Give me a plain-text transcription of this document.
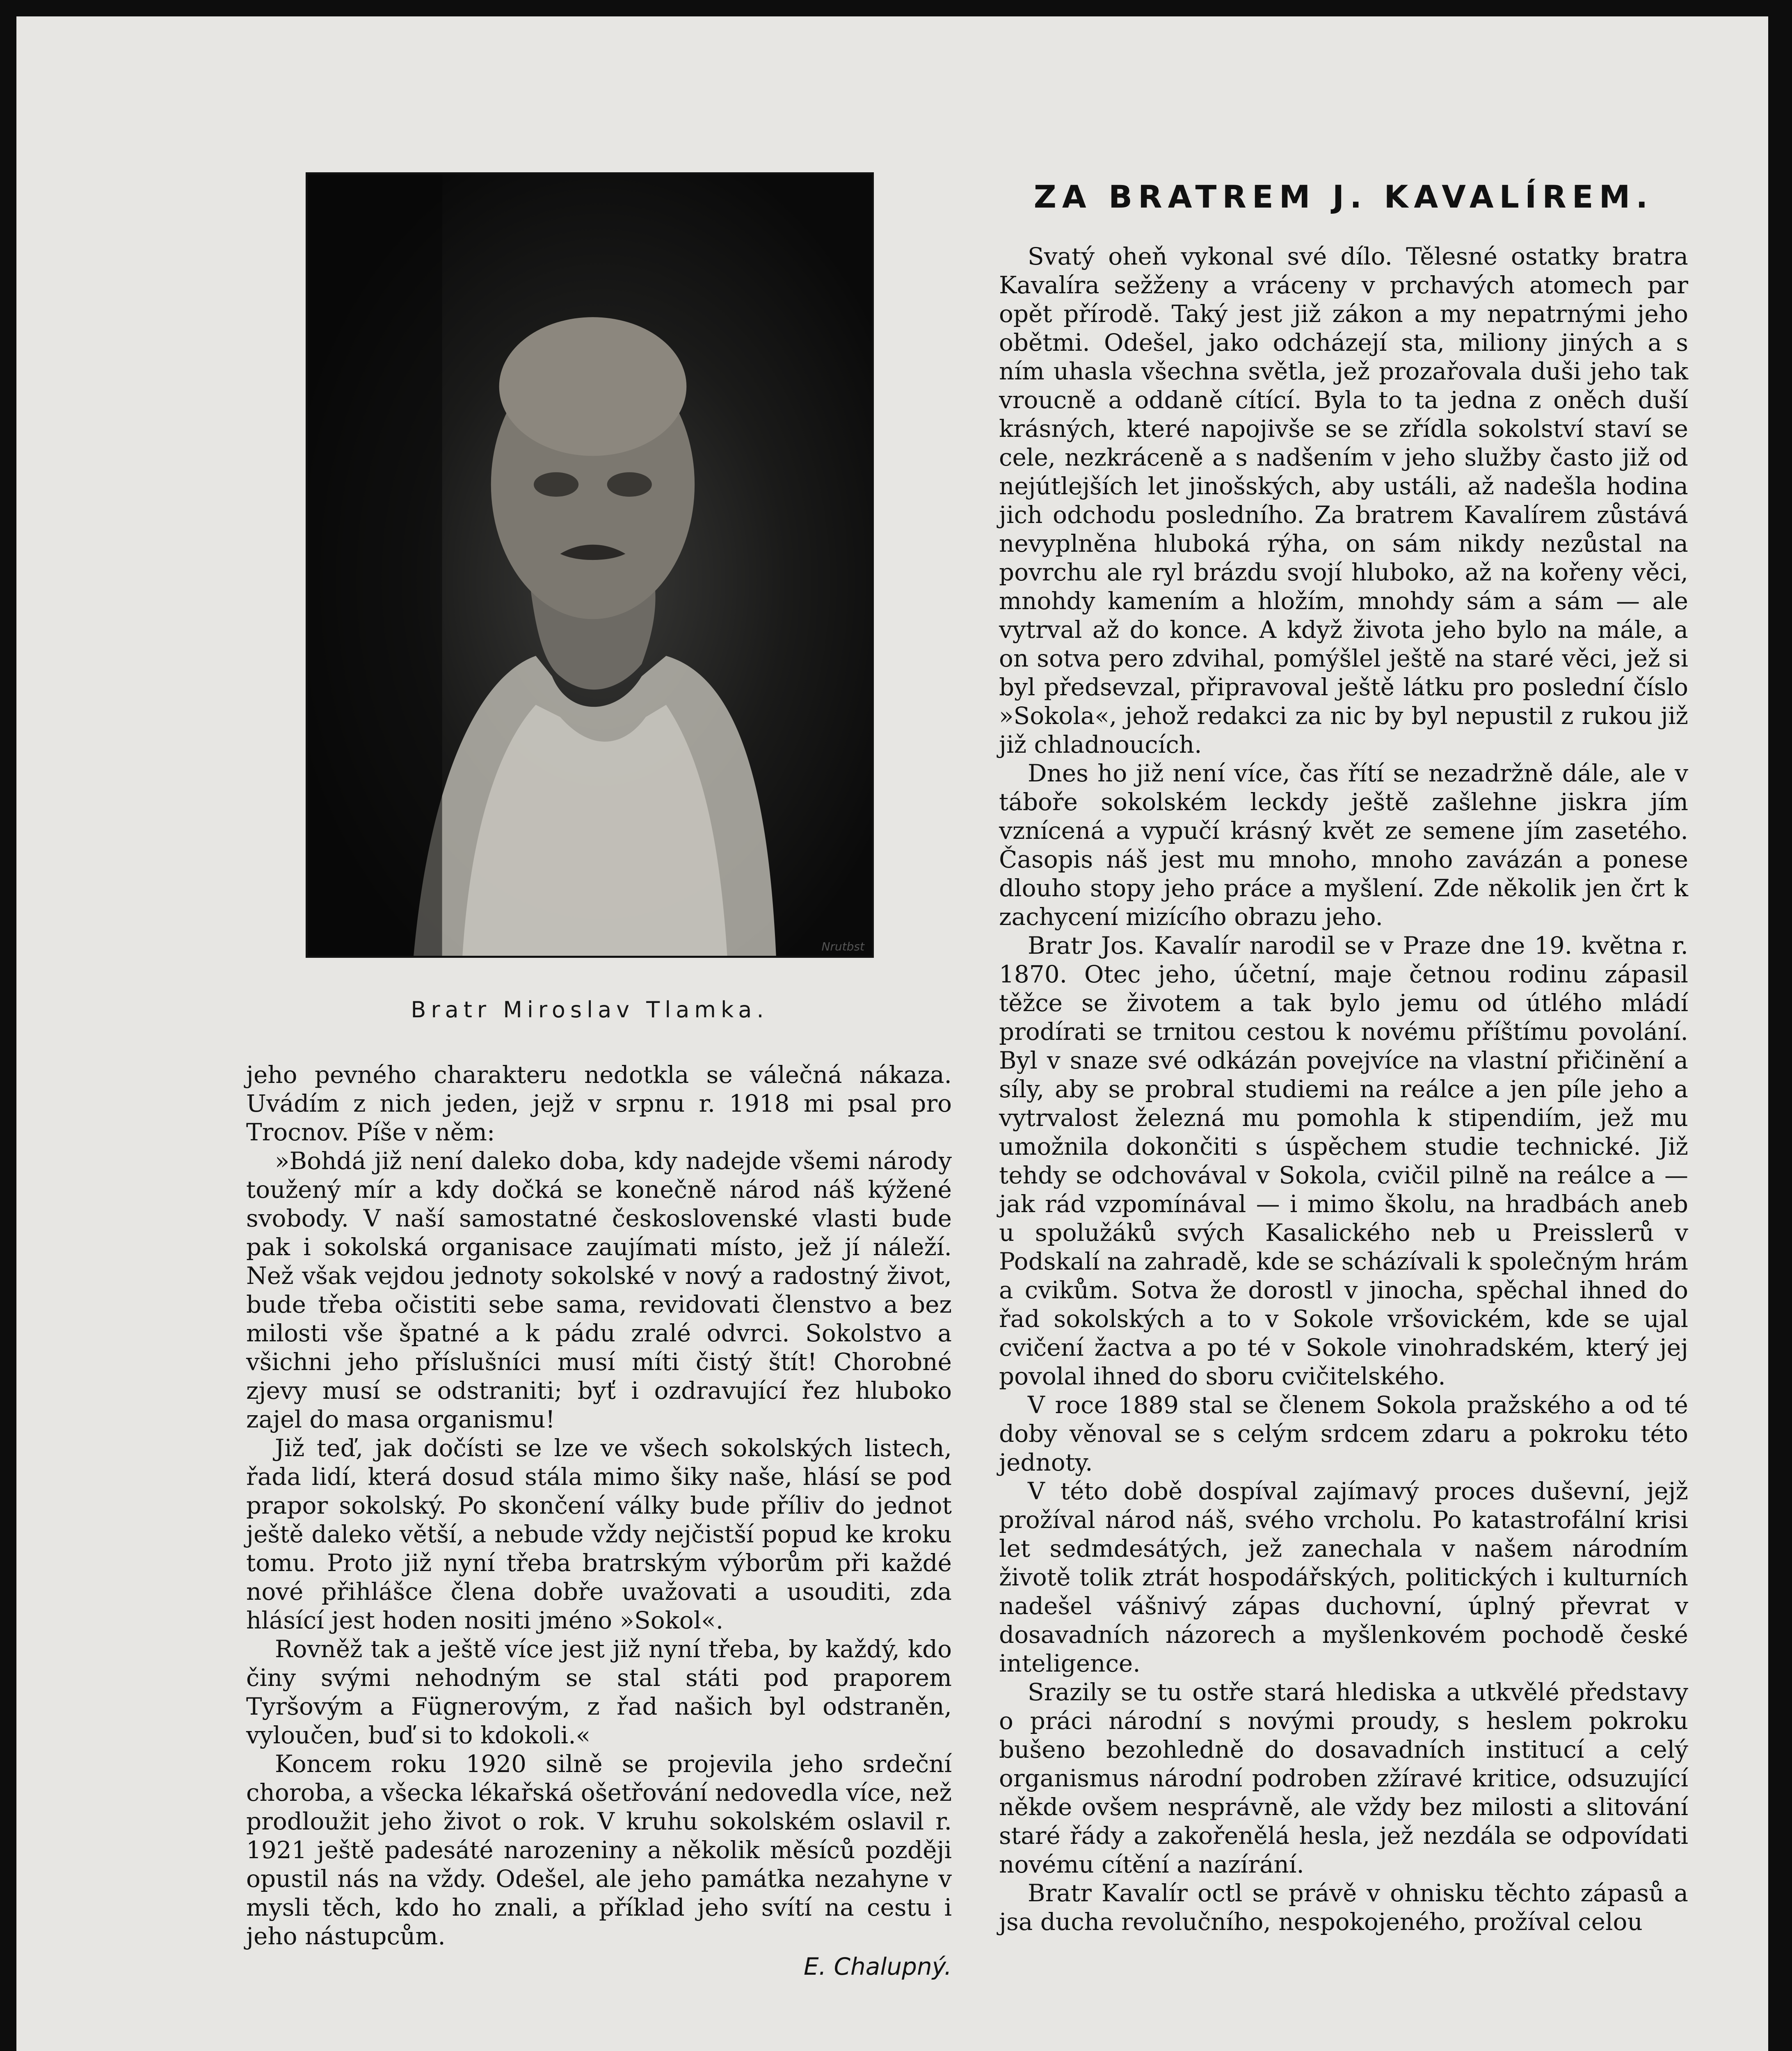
Nrutbst
Bratr Miroslav Tlamka.

jeho pevného charakteru nedotkla se válečná nákaza. Uvádím z nich jeden, jejž v srpnu r. 1918 mi psal pro Trocnov. Píše v něm:

»Bohdá již není daleko doba, kdy nadejde všemi národy toužený mír a kdy dočká se konečně národ náš kýžené svobody. V naší samostatné československé vlasti bude pak i sokolská organisace zaujímati místo, jež jí náleží. Než však vejdou jednoty sokolské v nový a radostný život, bude třeba očistiti sebe sama, revidovati členstvo a bez milosti vše špatné a k pádu zralé odvrci. Sokolstvo a všichni jeho příslušníci musí míti čistý štít! Chorobné zjevy musí se odstraniti; byť i ozdravující řez hluboko zajel do masa organismu!

Již teď, jak dočísti se lze ve všech sokolských listech, řada lidí, která dosud stála mimo šiky naše, hlásí se pod prapor sokolský. Po skončení války bude příliv do jednot ještě daleko větší, a nebude vždy nejčistší popud ke kroku tomu. Proto již nyní třeba bratrským výborům při každé nové přihlášce člena dobře uvažovati a usouditi, zda hlásící jest hoden nositi jméno »Sokol«.

Rovněž tak a ještě více jest již nyní třeba, by každý, kdo činy svými nehodným se stal státi pod praporem Tyršovým a Fügnerovým, z řad našich byl odstraněn, vyloučen, buď si to kdokoli.«

Koncem roku 1920 silně se projevila jeho srdeční choroba, a všecka lékařská ošetřování nedovedla více, než prodloužit jeho život o rok. V kruhu sokolském oslavil r. 1921 ještě padesáté narozeniny a několik měsíců později opustil nás na vždy. Odešel, ale jeho památka nezahyne v mysli těch, kdo ho znali, a příklad jeho svítí na cestu i jeho nástupcům.

E. Chalupný.
ZA BRATREM J. KAVALÍREM.

Svatý oheň vykonal své dílo. Tělesné ostatky bratra Kavalíra sežženy a vráceny v prchavých atomech par opět přírodě. Taký jest již zákon a my nepatrnými jeho obětmi. Odešel, jako odcházejí sta, miliony jiných a s ním uhasla všechna světla, jež prozařovala duši jeho tak vroucně a oddaně cítící. Byla to ta jedna z oněch duší krásných, které napojivše se se zřídla sokolství staví se cele, nezkráceně a s nadšením v jeho služby často již od nejútlejších let jinošských, aby ustáli, až nadešla hodina jich odchodu posledního. Za bratrem Kavalírem zůstává nevyplněna hluboká rýha, on sám nikdy nezůstal na povrchu ale ryl brázdu svojí hluboko, až na kořeny věci, mnohdy kamením a hložím, mnohdy sám a sám — ale vytrval až do konce. A když života jeho bylo na mále, a on sotva pero zdvihal, pomýšlel ještě na staré věci, jež si byl předsevzal, připravoval ještě látku pro poslední číslo »Sokola«, jehož redakci za nic by byl nepustil z rukou již již chladnoucích.

Dnes ho již není více, čas řítí se nezadržně dále, ale v táboře sokolském leckdy ještě zašlehne jiskra jím vznícená a vypučí krásný květ ze semene jím zasetého. Časopis náš jest mu mnoho, mnoho zavázán a ponese dlouho stopy jeho práce a myšlení. Zde několik jen črt k zachycení mizícího obrazu jeho.

Bratr Jos. Kavalír narodil se v Praze dne 19. května r. 1870. Otec jeho, účetní, maje četnou rodinu zápasil těžce se životem a tak bylo jemu od útlého mládí prodírati se trnitou cestou k novému příštímu povolání. Byl v snaze své odkázán povejvíce na vlastní přičinění a síly, aby se probral studiemi na reálce a jen píle jeho a vytrvalost železná mu pomohla k stipendiím, jež mu umožnila dokončiti s úspěchem studie technické. Již tehdy se odchovával v Sokola, cvičil pilně na reálce a — jak rád vzpomínával — i mimo školu, na hradbách aneb u spolužáků svých Kasalického neb u Preisslerů v Podskalí na zahradě, kde se scházívali k společným hrám a cvikům. Sotva že dorostl v jinocha, spěchal ihned do řad sokolských a to v Sokole vršovickém, kde se ujal cvičení žactva a po té v Sokole vinohradském, který jej povolal ihned do sboru cvičitelského.

V roce 1889 stal se členem Sokola pražského a od té doby věnoval se s celým srdcem zdaru a pokroku této jednoty.

V této době dospíval zajímavý proces duševní, jejž prožíval národ náš, svého vrcholu. Po katastrofální krisi let sedmdesátých, jež zanechala v našem národním životě tolik ztrát hospodářských, politických i kulturních nadešel vášnivý zápas duchovní, úplný převrat v dosavadních názorech a myšlenkovém pochodě české inteligence.

Srazily se tu ostře stará hlediska a utkvělé představy o práci národní s novými proudy, s heslem pokroku bušeno bezohledně do dosavadních institucí a celý organismus národní podroben zžíravé kritice, odsuzující někde ovšem nesprávně, ale vždy bez milosti a slitování staré řády a zakořenělá hesla, jež nezdála se odpovídati novému cítění a nazírání.

Bratr Kavalír octl se právě v ohnisku těchto zápasů a jsa ducha revolučního, nespokojeného, prožíval celou
